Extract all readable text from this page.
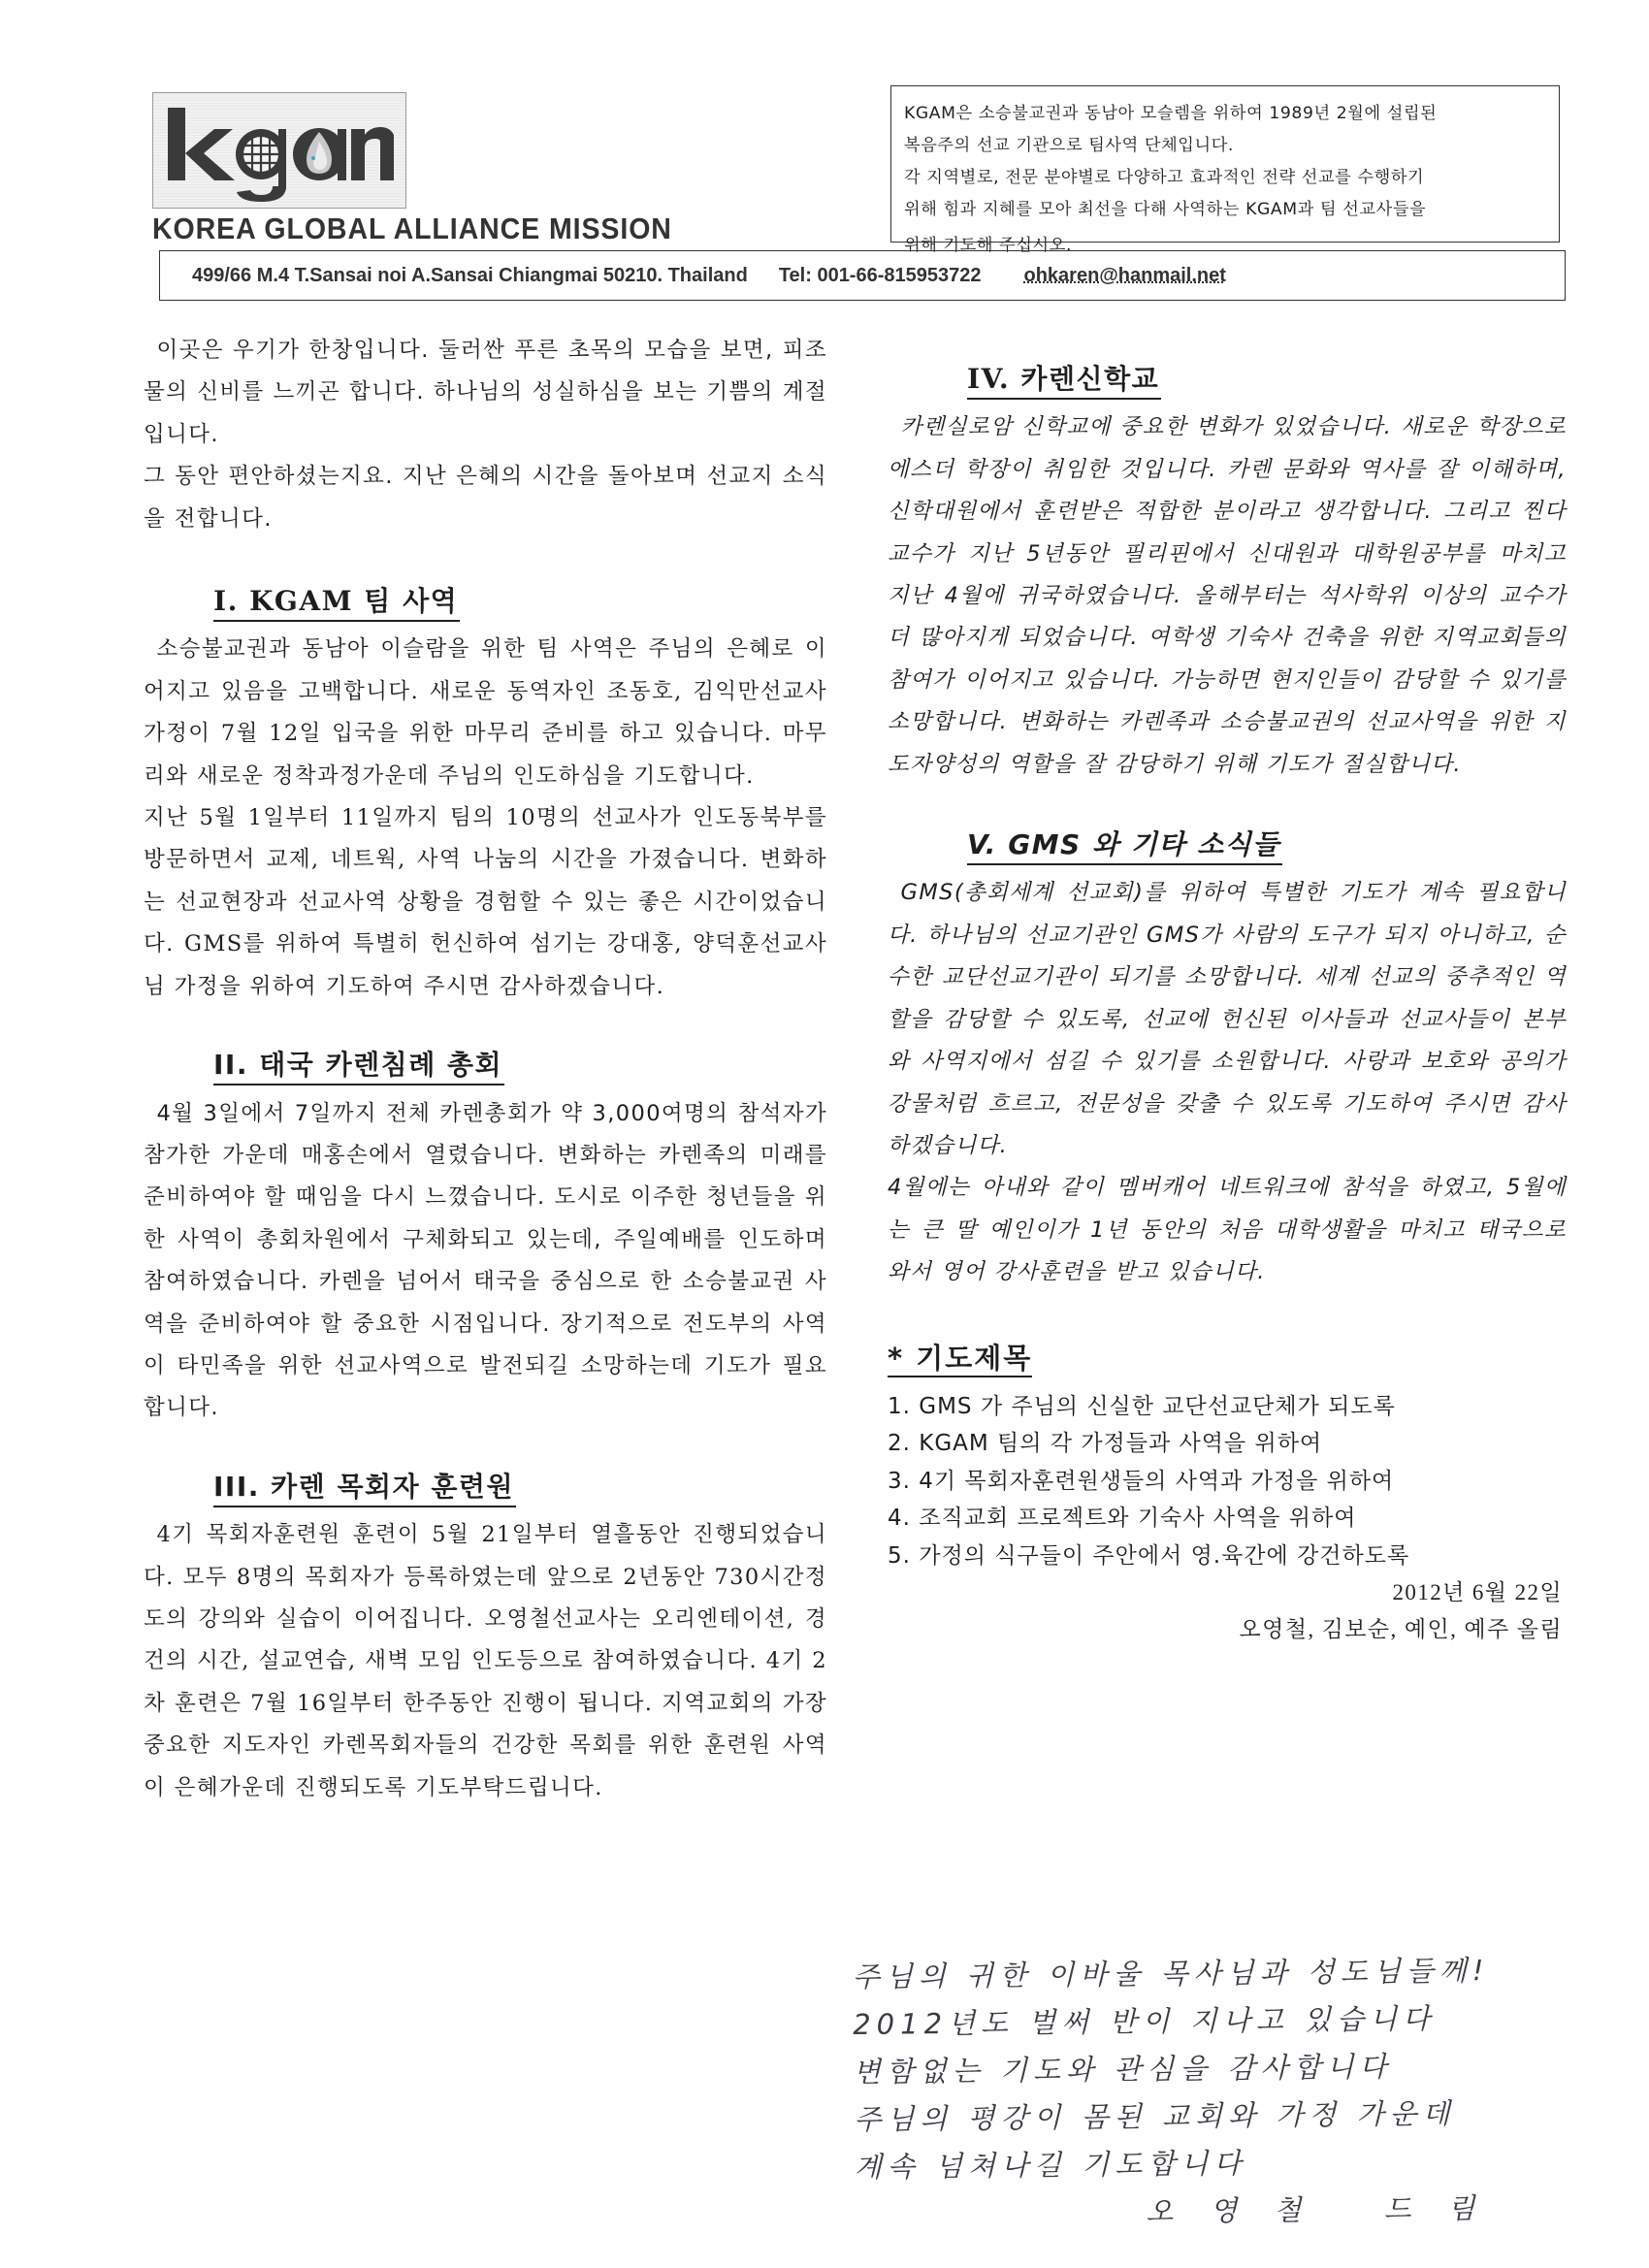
KOREA GLOBAL ALLIANCE MISSION
KGAM은 소승불교권과 동남아 모슬렘을 위하여 1989년 2월에 설립된
복음주의 선교 기관으로 팀사역 단체입니다.
각 지역별로, 전문 분야별로 다양하고 효과적인 전략 선교를 수행하기
위해 힘과 지혜를 모아 최선을 다해 사역하는 KGAM과 팀 선교사들을
위해 기도해 주십시오.
499/66 M.4 T.Sansai noi A.Sansai Chiangmai 50210. Thailand Tel: 001-66-815953722 ohkaren@hanmail.net

이곳은 우기가 한창입니다. 둘러싼 푸른 초목의 모습을 보면, 피조물의 신비를 느끼곤 합니다. 하나님의 성실하심을 보는 기쁨의 계절입니다.

그 동안 편안하셨는지요. 지난 은혜의 시간을 돌아보며 선교지 소식을 전합니다.

I. KGAM 팀 사역

소승불교권과 동남아 이슬람을 위한 팀 사역은 주님의 은혜로 이어지고 있음을 고백합니다. 새로운 동역자인 조동호, 김익만선교사 가정이 7월 12일 입국을 위한 마무리 준비를 하고 있습니다. 마무리와 새로운 정착과정가운데 주님의 인도하심을 기도합니다.

지난 5월 1일부터 11일까지 팀의 10명의 선교사가 인도동북부를 방문하면서 교제, 네트웍, 사역 나눔의 시간을 가졌습니다. 변화하는 선교현장과 선교사역 상황을 경험할 수 있는 좋은 시간이었습니다. GMS를 위하여 특별히 헌신하여 섬기는 강대홍, 양덕훈선교사님 가정을 위하여 기도하여 주시면 감사하겠습니다.

II. 태국 카렌침례 총회

4월 3일에서 7일까지 전체 카렌총회가 약 3,000여명의 참석자가 참가한 가운데 매홍손에서 열렸습니다. 변화하는 카렌족의 미래를 준비하여야 할 때임을 다시 느꼈습니다. 도시로 이주한 청년들을 위한 사역이 총회차원에서 구체화되고 있는데, 주일예배를 인도하며 참여하였습니다. 카렌을 넘어서 태국을 중심으로 한 소승불교권 사역을 준비하여야 할 중요한 시점입니다. 장기적으로 전도부의 사역이 타민족을 위한 선교사역으로 발전되길 소망하는데 기도가 필요합니다.

III. 카렌 목회자 훈련원

4기 목회자훈련원 훈련이 5월 21일부터 열흘동안 진행되었습니다. 모두 8명의 목회자가 등록하였는데 앞으로 2년동안 730시간정도의 강의와 실습이 이어집니다. 오영철선교사는 오리엔테이션, 경건의 시간, 설교연습, 새벽 모임 인도등으로 참여하였습니다. 4기 2차 훈련은 7월 16일부터 한주동안 진행이 됩니다. 지역교회의 가장 중요한 지도자인 카렌목회자들의 건강한 목회를 위한 훈련원 사역이 은혜가운데 진행되도록 기도부탁드립니다.

IV. 카렌신학교

카렌실로암 신학교에 중요한 변화가 있었습니다. 새로운 학장으로 에스더 학장이 취임한 것입니다. 카렌 문화와 역사를 잘 이해하며, 신학대원에서 훈련받은 적합한 분이라고 생각합니다. 그리고 찐다 교수가 지난 5년동안 필리핀에서 신대원과 대학원공부를 마치고 지난 4월에 귀국하였습니다. 올해부터는 석사학위 이상의 교수가 더 많아지게 되었습니다. 여학생 기숙사 건축을 위한 지역교회들의 참여가 이어지고 있습니다. 가능하면 현지인들이 감당할 수 있기를 소망합니다. 변화하는 카렌족과 소승불교권의 선교사역을 위한 지도자양성의 역할을 잘 감당하기 위해 기도가 절실합니다.

V. GMS 와 기타 소식들

GMS(총회세계 선교회)를 위하여 특별한 기도가 계속 필요합니다. 하나님의 선교기관인 GMS가 사람의 도구가 되지 아니하고, 순수한 교단선교기관이 되기를 소망합니다. 세계 선교의 중추적인 역할을 감당할 수 있도록, 선교에 헌신된 이사들과 선교사들이 본부와 사역지에서 섬길 수 있기를 소원합니다. 사랑과 보호와 공의가 강물처럼 흐르고, 전문성을 갖출 수 있도록 기도하여 주시면 감사하겠습니다.

4월에는 아내와 같이 멤버캐어 네트워크에 참석을 하였고, 5월에는 큰 딸 예인이가 1년 동안의 처음 대학생활을 마치고 태국으로 와서 영어 강사훈련을 받고 있습니다.

* 기도제목
1. GMS 가 주님의 신실한 교단선교단체가 되도록
2. KGAM 팀의 각 가정들과 사역을 위하여
3. 4기 목회자훈련원생들의 사역과 가정을 위하여
4. 조직교회 프로젝트와 기숙사 사역을 위하여
5. 가정의 식구들이 주안에서 영.육간에 강건하도록
2012년 6월 22일
오영철, 김보순, 예인, 예주 올림
주님의 귀한 이바울 목사님과 성도님들께!
2012년도 벌써 반이 지나고 있습니다
변함없는 기도와 관심을 감사합니다
주님의 평강이 몸된 교회와 가정 가운데
계속 넘쳐나길 기도합니다
오영철 드림
